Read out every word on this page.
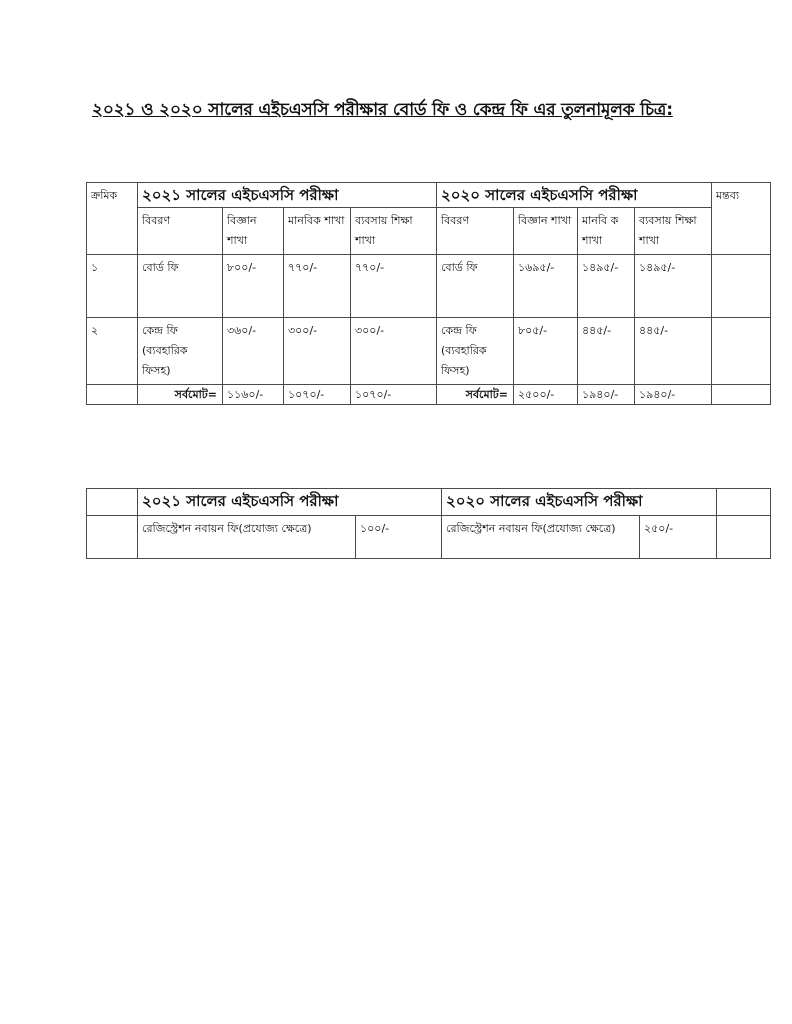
২০২১ ও ২০২০ সালের এইচএসসি পরীক্ষার বোর্ড ফি ও কেন্দ্র ফি এর তুলনামূলক চিত্র:
ক্রমিক	২০২১ সালের এইচএসসি পরীক্ষা				২০২০ সালের এইচএসসি পরীক্ষা				মন্তব্য
	বিবরণ	বিজ্ঞান শাখা	মানবিক শাখা	ব্যবসায় শিক্ষা শাখা	বিবরণ	বিজ্ঞান শাখা	মানবি ক শাখা	ব্যবসায় শিক্ষা শাখা	
১	বোর্ড ফি	৮০০/-	৭৭০/-	৭৭০/-	বোর্ড ফি	১৬৯৫/-	১৪৯৫/-	১৪৯৫/-	
২	কেন্দ্র ফি (ব্যবহারিক ফিসহ)	৩৬০/-	৩০০/-	৩০০/-	কেন্দ্র ফি (ব্যবহারিক ফিসহ)	৮০৫/-	৪৪৫/-	৪৪৫/-	
	সর্বমোট=	১১৬০/-	১০৭০/-	১০৭০/-	সর্বমোট=	২৫০০/-	১৯৪০/-	১৯৪০/-	
	২০২১ সালের এইচএসসি পরীক্ষা		২০২০ সালের এইচএসসি পরীক্ষা		
	রেজিস্ট্রেশন নবায়ন ফি(প্রযোজ্য ক্ষেত্রে)	১০০/-	রেজিস্ট্রেশন নবায়ন ফি(প্রযোজ্য ক্ষেত্রে)	২৫০/-	
